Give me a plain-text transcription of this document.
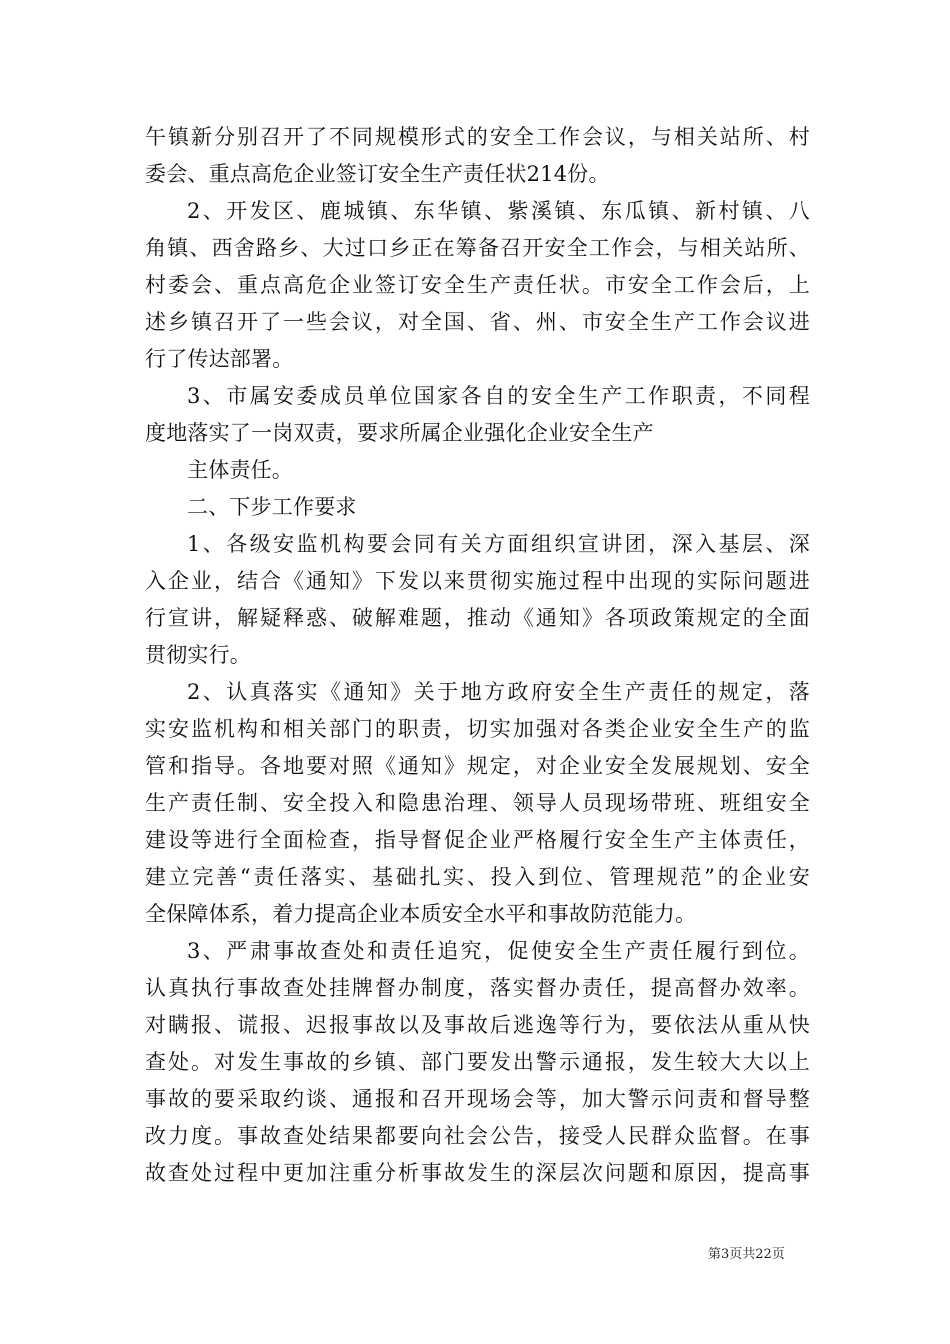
午镇新分别召开了不同规模形式的安全工作会议，与相关站所、村
委会、重点高危企业签订安全生产责任状214份。
2、开发区、鹿城镇、东华镇、紫溪镇、东瓜镇、新村镇、八
角镇、西舍路乡、大过口乡正在筹备召开安全工作会，与相关站所、
村委会、重点高危企业签订安全生产责任状。市安全工作会后，上
述乡镇召开了一些会议，对全国、省、州、市安全生产工作会议进
行了传达部署。
3、市属安委成员单位国家各自的安全生产工作职责，不同程
度地落实了一岗双责，要求所属企业强化企业安全生产
主体责任。
二、下步工作要求
1、各级安监机构要会同有关方面组织宣讲团，深入基层、深
入企业，结合《通知》下发以来贯彻实施过程中出现的实际问题进
行宣讲，解疑释惑、破解难题，推动《通知》各项政策规定的全面
贯彻实行。
2、认真落实《通知》关于地方政府安全生产责任的规定，落
实安监机构和相关部门的职责，切实加强对各类企业安全生产的监
管和指导。各地要对照《通知》规定，对企业安全发展规划、安全
生产责任制、安全投入和隐患治理、领导人员现场带班、班组安全
建设等进行全面检查，指导督促企业严格履行安全生产主体责任，
建立完善“责任落实、基础扎实、投入到位、管理规范”的企业安
全保障体系，着力提高企业本质安全水平和事故防范能力。
3、严肃事故查处和责任追究，促使安全生产责任履行到位。
认真执行事故查处挂牌督办制度，落实督办责任，提高督办效率。
对瞒报、谎报、迟报事故以及事故后逃逸等行为，要依法从重从快
查处。对发生事故的乡镇、部门要发出警示通报，发生较大大以上
事故的要采取约谈、通报和召开现场会等，加大警示问责和督导整
改力度。事故查处结果都要向社会公告，接受人民群众监督。在事
故查处过程中更加注重分析事故发生的深层次问题和原因，提高事
第3页共22页
